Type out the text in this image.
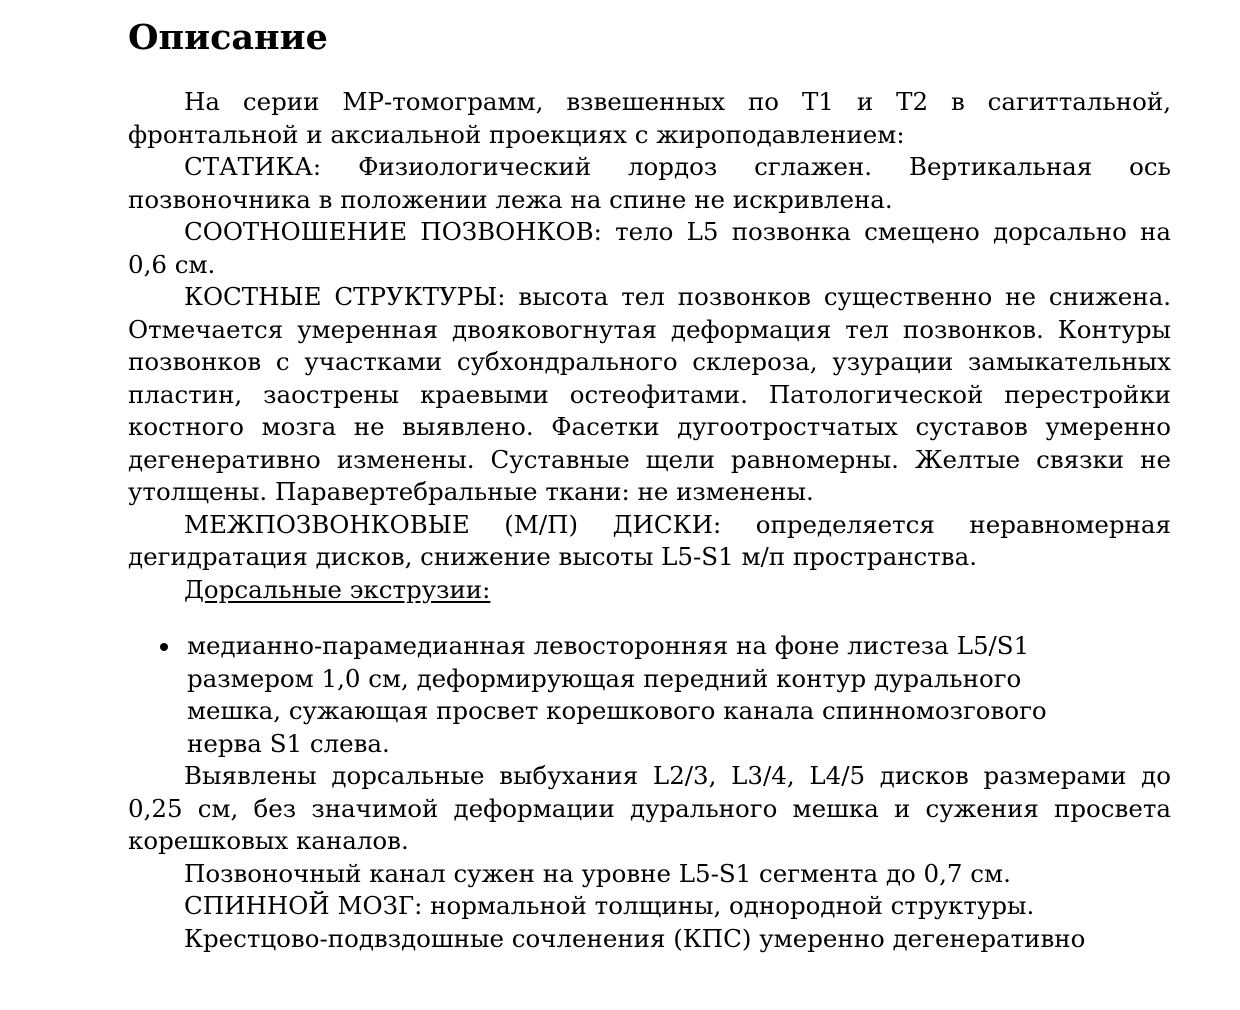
Описание

На серии МР-томограмм, взвешенных по Т1 и Т2 в сагиттальной, фронтальной и аксиальной проекциях с жироподавлением:

СТАТИКА: Физиологический лордоз сглажен. Вертикальная ось позвоночника в положении лежа на спине не искривлена.

СООТНОШЕНИЕ ПОЗВОНКОВ: тело L5 позвонка смещено дорсально на 0,6 см.

КОСТНЫЕ СТРУКТУРЫ: высота тел позвонков существенно не снижена. Отмечается умеренная двояковогнутая деформация тел позвонков. Контуры позвонков с участками субхондрального склероза, узурации замыкательных пластин, заострены краевыми остеофитами. Патологической перестройки костного мозга не выявлено. Фасетки дугоотростчатых суставов умеренно дегенеративно изменены. Суставные щели равномерны. Желтые связки не утолщены. Паравертебральные ткани: не изменены.

МЕЖПОЗВОНКОВЫЕ (М/П) ДИСКИ: определяется неравномерная дегидратация дисков, снижение высоты L5-S1 м/п пространства.

Дорсальные экструзии:

медианно-парамедианная левосторонняя на фоне листеза L5/S1 размером 1,0 см, деформирующая передний контур дурального мешка, сужающая просвет корешкового канала спинномозгового нерва S1 слева.

Выявлены дорсальные выбухания L2/3, L3/4, L4/5 дисков размерами до 0,25 см, без значимой деформации дурального мешка и сужения просвета корешковых каналов.

Позвоночный канал сужен на уровне L5-S1 сегмента до 0,7 см.

СПИННОЙ МОЗГ: нормальной толщины, однородной структуры.

Крестцово-подвздошные сочленения (КПС) умеренно дегенеративно
